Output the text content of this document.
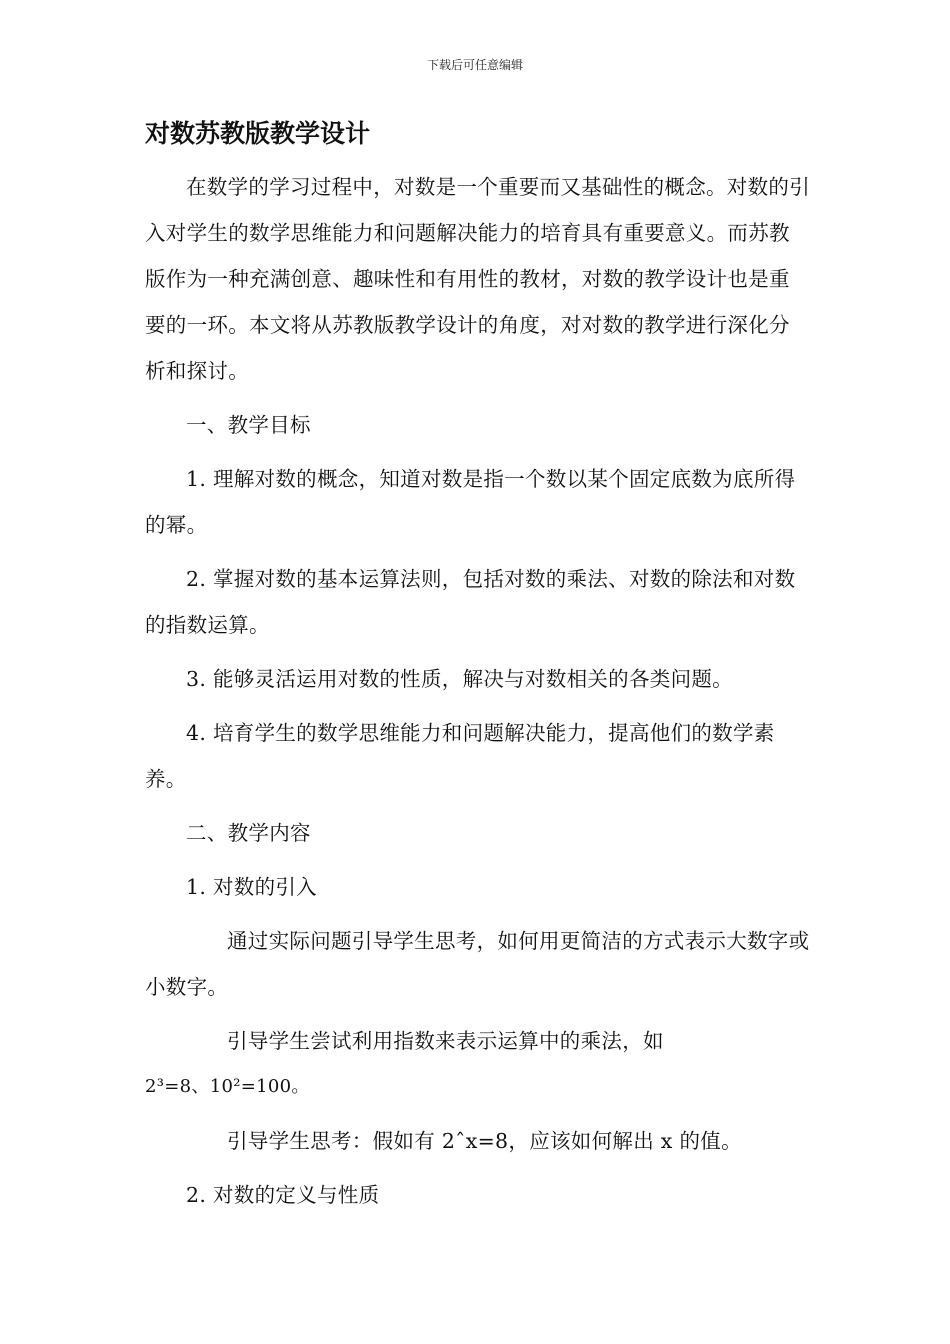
下载后可任意编辑
对数苏教版教学设计

在数学的学习过程中，对数是一个重要而又基础性的概念。对数的引入对学生的数学思维能力和问题解决能力的培育具有重要意义。而苏教版作为一种充满创意、趣味性和有用性的教材，对数的教学设计也是重要的一环。本文将从苏教版教学设计的角度，对对数的教学进行深化分析和探讨。

一、教学目标

1. 理解对数的概念，知道对数是指一个数以某个固定底数为底所得的幂。

2. 掌握对数的基本运算法则，包括对数的乘法、对数的除法和对数的指数运算。

3. 能够灵活运用对数的性质，解决与对数相关的各类问题。

4. 培育学生的数学思维能力和问题解决能力，提高他们的数学素养。

二、教学内容

1. 对数的引入

通过实际问题引导学生思考，如何用更简洁的方式表示大数字或小数字。

引导学生尝试利用指数来表示运算中的乘法，如

2³=8、10²=100。

引导学生思考：假如有 2ˆx=8，应该如何解出 x 的值。

2. 对数的定义与性质
